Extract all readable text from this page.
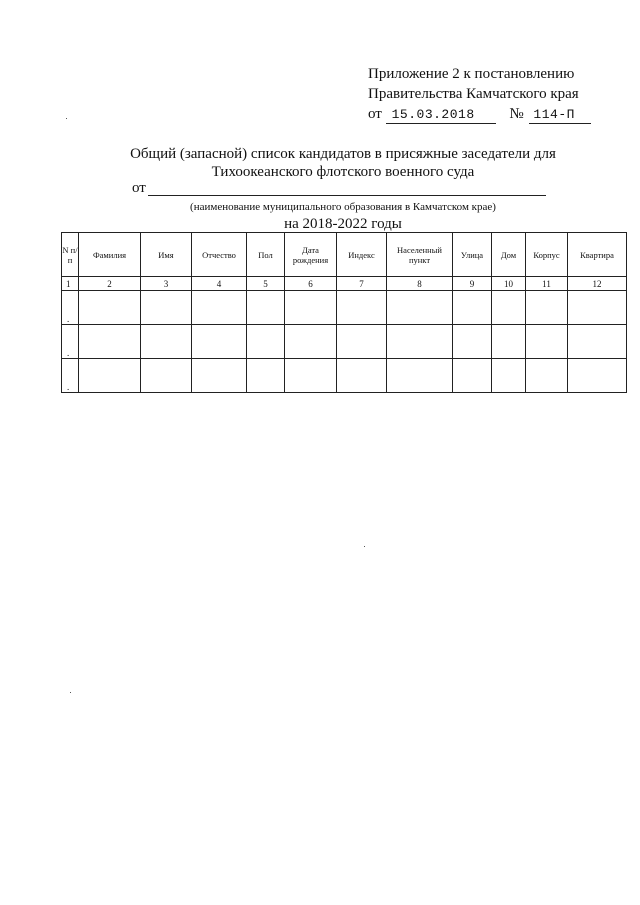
Приложение 2 к постановлению
Правительства Камчатского края
от 15.03.2018 № 114-П
Общий (запасной) список кандидатов в присяжные заседатели для
Тихоокеанского флотского военного суда
от
(наименование муниципального образования в Камчатском крае)
на 2018-2022 годы
N п/ п	Фамилия	Имя	Отчество	Пол	Дата рождения	Индекс	Населенный пункт	Улица	Дом	Корпус	Квартира
1	2	3	4	5	6	7	8	9	10	11	12
.											
.											
.											
